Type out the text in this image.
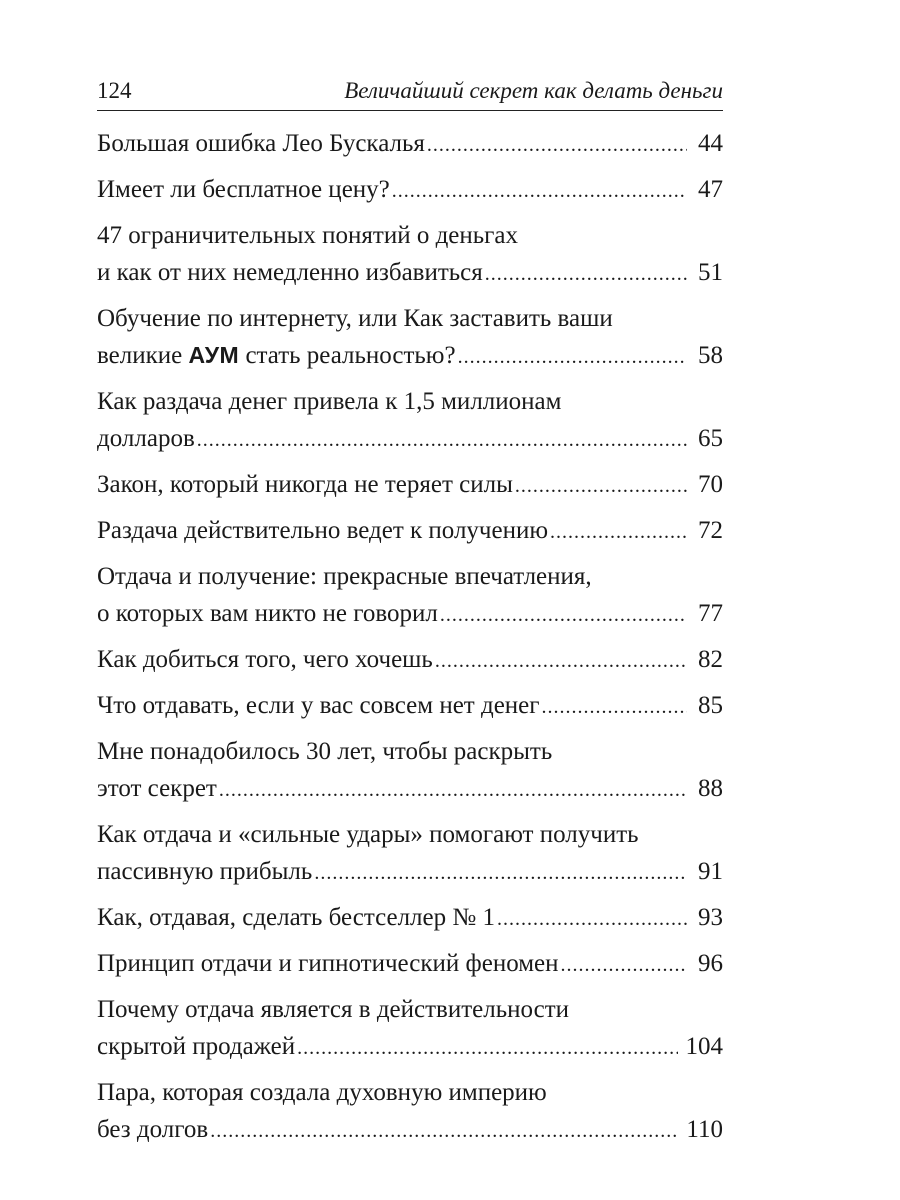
124	Величайший секрет как делать деньги
Большая ошибка Лео Бускалья .....	44
Имеет ли бесплатное цену? .....	47
47 ограничительных понятий о деньгах
и как от них немедленно избавиться .....	51
Обучение по интернету, или Как заставить ваши
великие АУМ стать реальностью? .....	58
Как раздача денег привела к 1,5 миллионам
долларов .....	65
Закон, который никогда не теряет силы .....	70
Раздача действительно ведет к получению .....	72
Отдача и получение: прекрасные впечатления,
о которых вам никто не говорил .....	77
Как добиться того, чего хочешь .....	82
Что отдавать, если у вас совсем нет денег .....	85
Мне понадобилось 30 лет, чтобы раскрыть
этот секрет .....	88
Как отдача и «сильные удары» помогают получить
пассивную прибыль .....	91
Как, отдавая, сделать бестселлер № 1 .....	93
Принцип отдачи и гипнотический феномен .....	96
Почему отдача является в действительности
скрытой продажей .....	104
Пара, которая создала духовную империю
без долгов .....	110
